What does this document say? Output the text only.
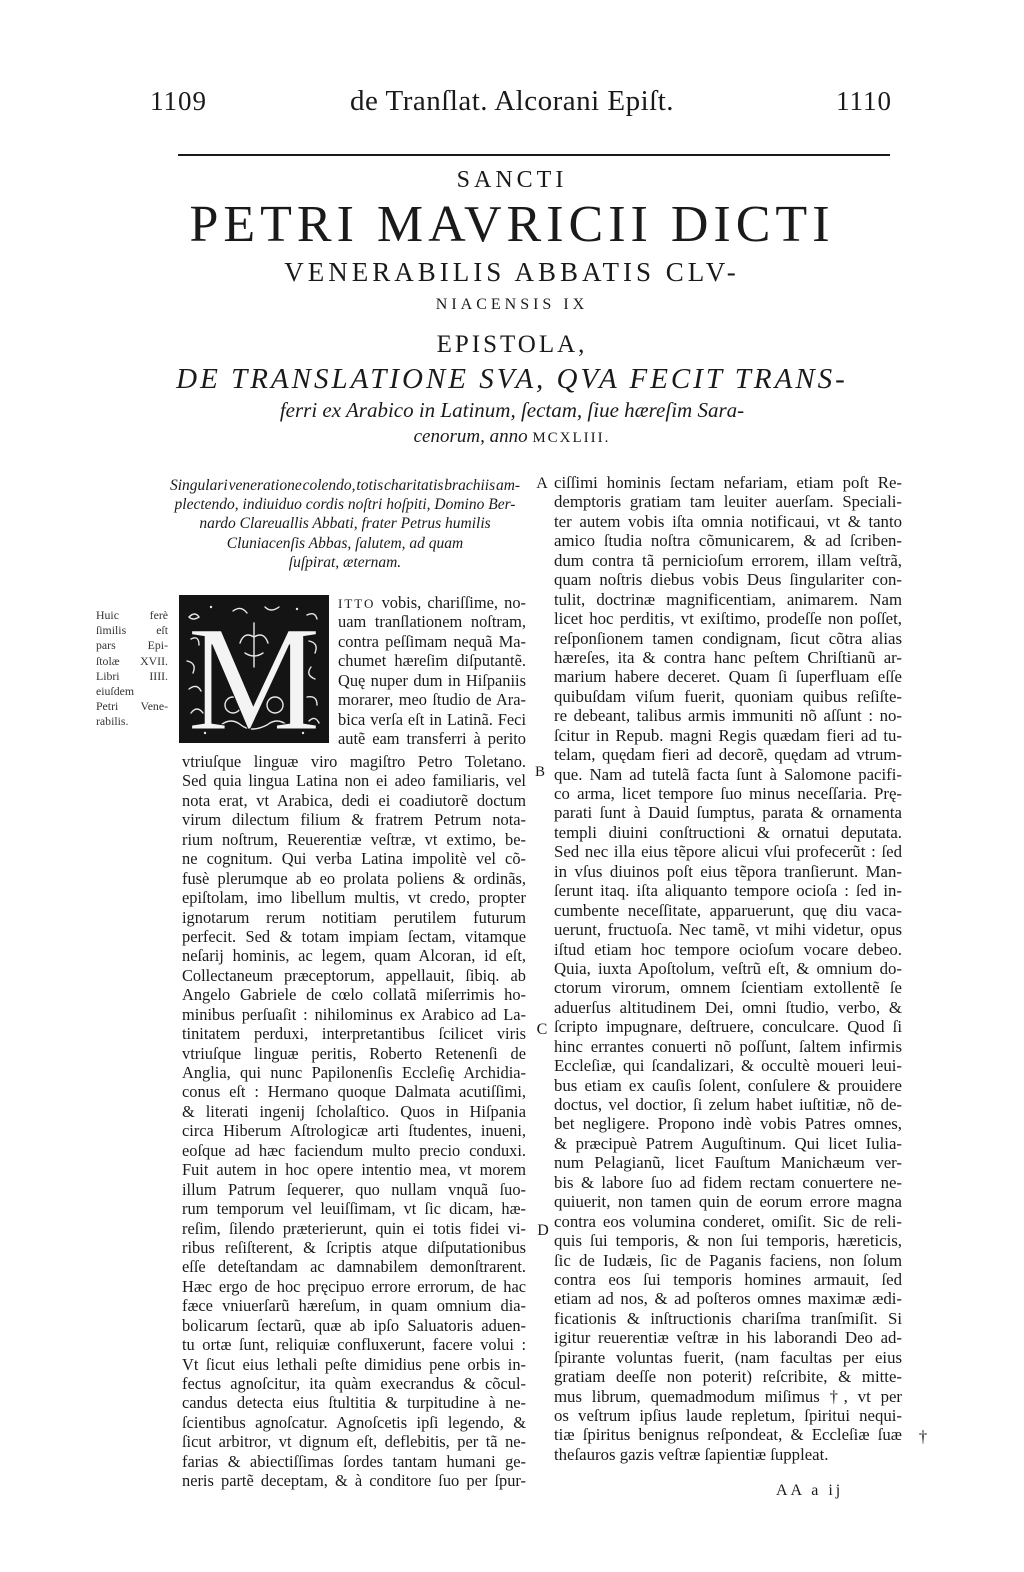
1109	de Tranſlat. Alcorani Epiſt.	1110
SANCTI
PETRI MAVRICII DICTI
VENERABILIS ABBATIS CLV-
NIACENSIS IX
EPISTOLA,
DE TRANSLATIONE SVA, QVA FECIT TRANS-
ferri ex Arabico in Latinum, ſectam, ſiue hæreſim Sara-
cenorum, anno MCXLIII.
Singulari veneratione colendo, totis charitatis brachiis am-
plectendo, indiuiduo cordis noſtri hoſpiti, Domino Ber-
nardo Clareuallis Abbati, frater Petrus humilis
Cluniacenſis Abbas, ſalutem, ad quam
ſuſpirat, æternam.
A
B
C
D
†
Huic ferè
ſimilis eſt
pars Epi-
ſtolæ XVII.
Libri IIII.
eiuſdem
Petri Vene-
rabilis. M ITTO vobis, chariſſime, no-
uam tranſlationem noſtram,
contra peſſimam nequã Ma-
chumet hæreſim diſputantẽ.
Quę nuper dum in Hiſpaniis
morarer, meo ſtudio de Ara-
bica verſa eſt in Latinã. Feci
autẽ eam transferri à perito
vtriuſque linguæ viro magiſtro Petro Toletano.
Sed quia lingua Latina non ei adeo familiaris, vel
nota erat, vt Arabica, dedi ei coadiutorẽ doctum
virum dilectum filium & fratrem Petrum nota-
rium noſtrum, Reuerentiæ veſtræ, vt extimo, be-
ne cognitum. Qui verba Latina impolitè vel cõ-
fusè plerumque ab eo prolata poliens & ordinãs,
epiſtolam, imo libellum multis, vt credo, propter
ignotarum rerum notitiam perutilem futurum
perfecit. Sed & totam impiam ſectam, vitamque
neſarij hominis, ac legem, quam Alcoran, id eſt,
Collectaneum præceptorum, appellauit, ſibiq. ab
Angelo Gabriele de cœlo collatã miſerrimis ho-
minibus perſuaſit : nihilominus ex Arabico ad La-
tinitatem perduxi, interpretantibus ſcilicet viris
vtriuſque linguæ peritis, Roberto Retenenſi de
Anglia, qui nunc Papilonenſis Eccleſię Archidia-
conus eſt : Hermano quoque Dalmata acutiſſimi,
& literati ingenij ſcholaſtico. Quos in Hiſpania
circa Hiberum Aſtrologicæ arti ſtudentes, inueni,
eoſque ad hæc faciendum multo precio conduxi.
Fuit autem in hoc opere intentio mea, vt morem
illum Patrum ſequerer, quo nullam vnquã ſuo-
rum temporum vel leuiſſimam, vt ſic dicam, hæ-
reſim, ſilendo præterierunt, quin ei totis fidei vi-
ribus reſiſterent, & ſcriptis atque diſputationibus
eſſe deteſtandam ac damnabilem demonſtrarent.
Hæc ergo de hoc pręcipuo errore errorum, de hac
fæce vniuerſarũ hæreſum, in quam omnium dia-
bolicarum ſectarũ, quæ ab ipſo Saluatoris aduen-
tu ortæ ſunt, reliquiæ confluxerunt, facere volui :
Vt ſicut eius lethali peſte dimidius pene orbis in-
fectus agnoſcitur, ita quàm execrandus & cõcul-
candus detecta eius ſtultitia & turpitudine à ne-
ſcientibus agnoſcatur. Agnoſcetis ipſi legendo, &
ſicut arbitror, vt dignum eſt, deflebitis, per tã ne-
farias & abiectiſſimas ſordes tantam humani ge-
neris partẽ deceptam, & à conditore ſuo per ſpur-
ciſſimi hominis ſectam nefariam, etiam poſt Re-
demptoris gratiam tam leuiter auerſam. Speciali-
ter autem vobis iſta omnia notificaui, vt & tanto
amico ſtudia noſtra cõmunicarem, & ad ſcriben-
dum contra tã pernicioſum errorem, illam veſtrã,
quam noſtris diebus vobis Deus ſingulariter con-
tulit, doctrinæ magnificentiam, animarem. Nam
licet hoc perditis, vt exiſtimo, prodeſſe non poſſet,
reſponſionem tamen condignam, ſicut cõtra alias
hæreſes, ita & contra hanc peſtem Chriſtianũ ar-
marium habere deceret. Quam ſi ſuperfluam eſſe
quibuſdam viſum fuerit, quoniam quibus reſiſte-
re debeant, talibus armis immuniti nõ aſſunt : no-
ſcitur in Repub. magni Regis quædam fieri ad tu-
telam, quędam fieri ad decorẽ, quędam ad vtrum-
que. Nam ad tutelã facta ſunt à Salomone pacifi-
co arma, licet tempore ſuo minus neceſſaria. Prę-
parati ſunt à Dauid ſumptus, parata & ornamenta
templi diuini conſtructioni & ornatui deputata.
Sed nec illa eius tẽpore alicui vſui profecerũt : ſed
in vſus diuinos poſt eius tẽpora tranſierunt. Man-
ſerunt itaq. iſta aliquanto tempore ocioſa : ſed in-
cumbente neceſſitate, apparuerunt, quę diu vaca-
uerunt, fructuoſa. Nec tamẽ, vt mihi videtur, opus
iſtud etiam hoc tempore ocioſum vocare debeo.
Quia, iuxta Apoſtolum, veſtrũ eſt, & omnium do-
ctorum virorum, omnem ſcientiam extollentẽ ſe
aduerſus altitudinem Dei, omni ſtudio, verbo, &
ſcripto impugnare, deſtruere, conculcare. Quod ſi
hinc errantes conuerti nõ poſſunt, ſaltem infirmis
Eccleſiæ, qui ſcandalizari, & occultè moueri leui-
bus etiam ex cauſis ſolent, conſulere & prouidere
doctus, vel doctior, ſi zelum habet iuſtitiæ, nõ de-
bet negligere. Propono indè vobis Patres omnes,
& præcipuè Patrem Auguſtinum. Qui licet Iulia-
num Pelagianũ, licet Fauſtum Manichæum ver-
bis & labore ſuo ad fidem rectam conuertere ne-
quiuerit, non tamen quin de eorum errore magna
contra eos volumina conderet, omiſit. Sic de reli-
quis ſui temporis, & non ſui temporis, hæreticis,
ſic de Iudæis, ſic de Paganis faciens, non ſolum
contra eos ſui temporis homines armauit, ſed
etiam ad nos, & ad poſteros omnes maximæ ædi-
ficationis & inſtructionis chariſma tranſmiſit. Si
igitur reuerentiæ veſtræ in his laborandi Deo ad-
ſpirante voluntas fuerit, (nam facultas per eius
gratiam deeſſe non poterit) reſcribite, & mitte-
mus librum, quemadmodum miſimus †, vt per
os veſtrum ipſius laude repletum, ſpiritui nequi-
tiæ ſpiritus benignus reſpondeat, & Eccleſiæ ſuæ
theſauros gazis veſtræ ſapientiæ ſuppleat.
AA a ij
